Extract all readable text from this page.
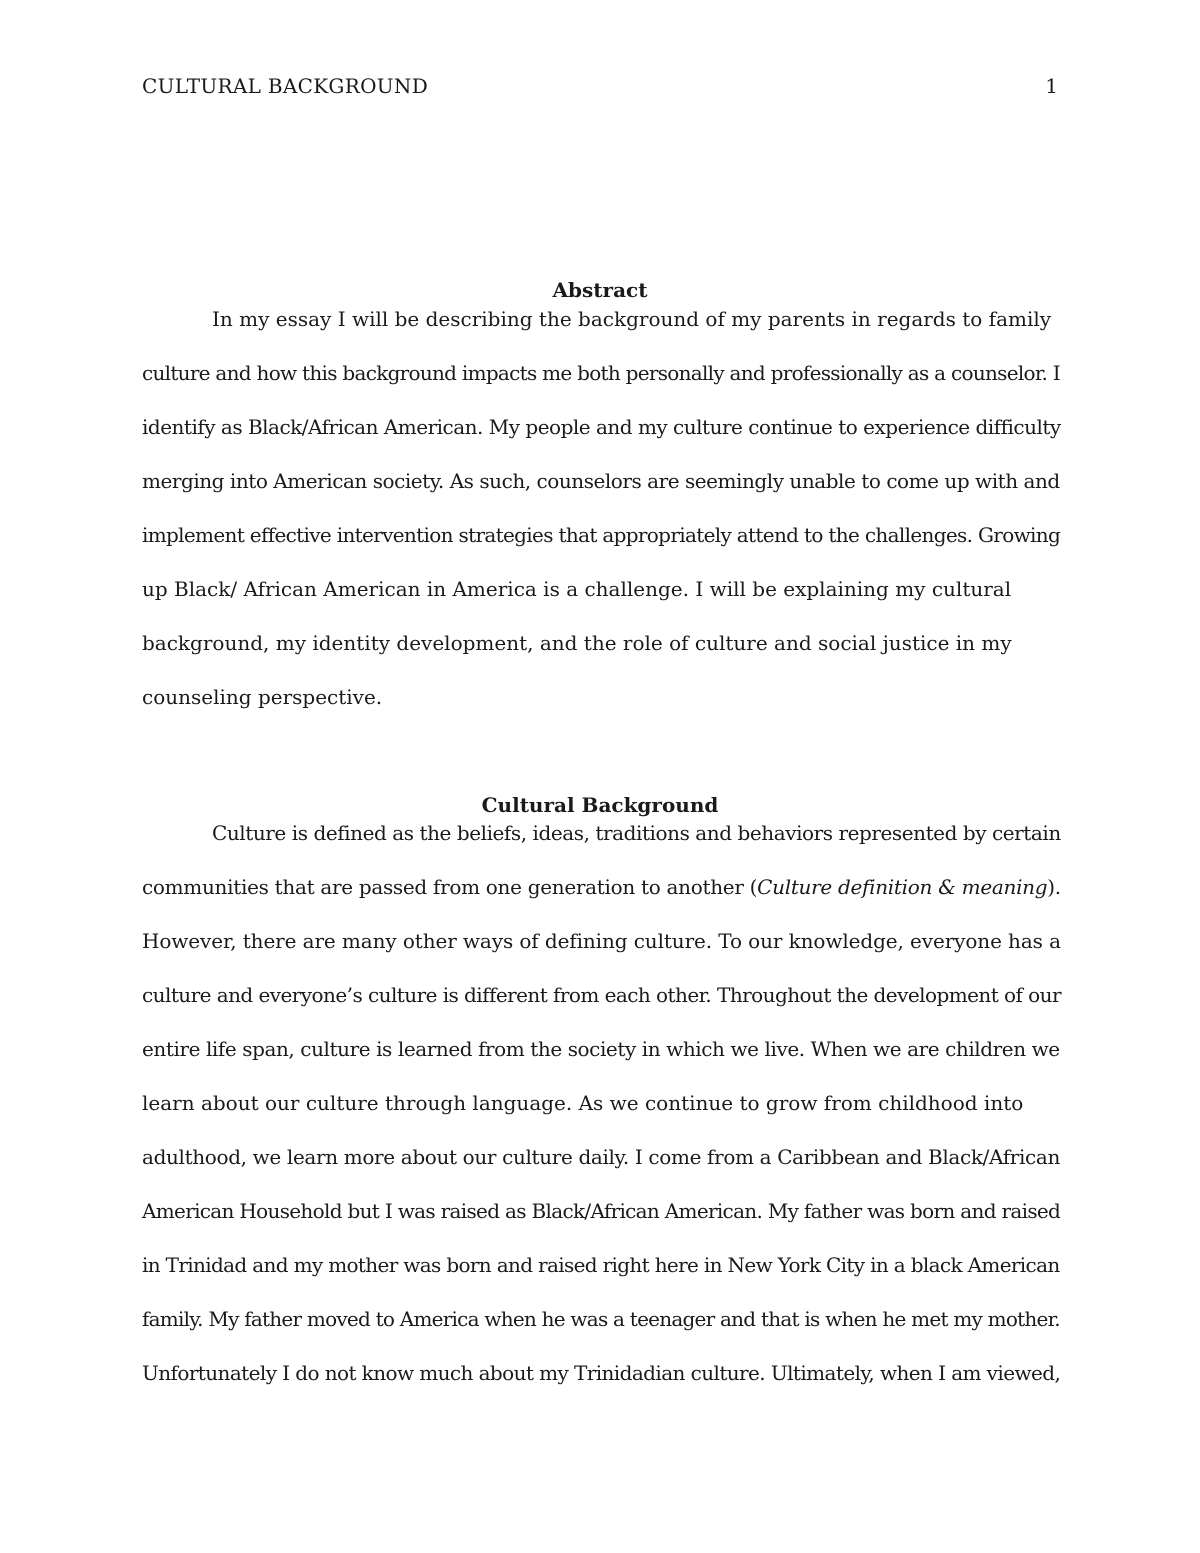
CULTURAL BACKGROUND	1
Abstract
In my essay I will be describing the background of my parents in regards to family
culture and how this background impacts me both personally and professionally as a counselor. I
identify as Black/African American. My people and my culture continue to experience difficulty
merging into American society. As such, counselors are seemingly unable to come up with and
implement effective intervention strategies that appropriately attend to the challenges. Growing
up Black/ African American in America is a challenge. I will be explaining my cultural
background, my identity development, and the role of culture and social justice in my
counseling perspective.
Cultural Background
Culture is defined as the beliefs, ideas, traditions and behaviors represented by certain
communities that are passed from one generation to another (Culture definition & meaning).
However, there are many other ways of defining culture. To our knowledge, everyone has a
culture and everyone’s culture is different from each other. Throughout the development of our
entire life span, culture is learned from the society in which we live. When we are children we
learn about our culture through language. As we continue to grow from childhood into
adulthood, we learn more about our culture daily. I come from a Caribbean and Black/African
American Household but I was raised as Black/African American. My father was born and raised
in Trinidad and my mother was born and raised right here in New York City in a black American
family. My father moved to America when he was a teenager and that is when he met my mother.
Unfortunately I do not know much about my Trinidadian culture. Ultimately, when I am viewed,
